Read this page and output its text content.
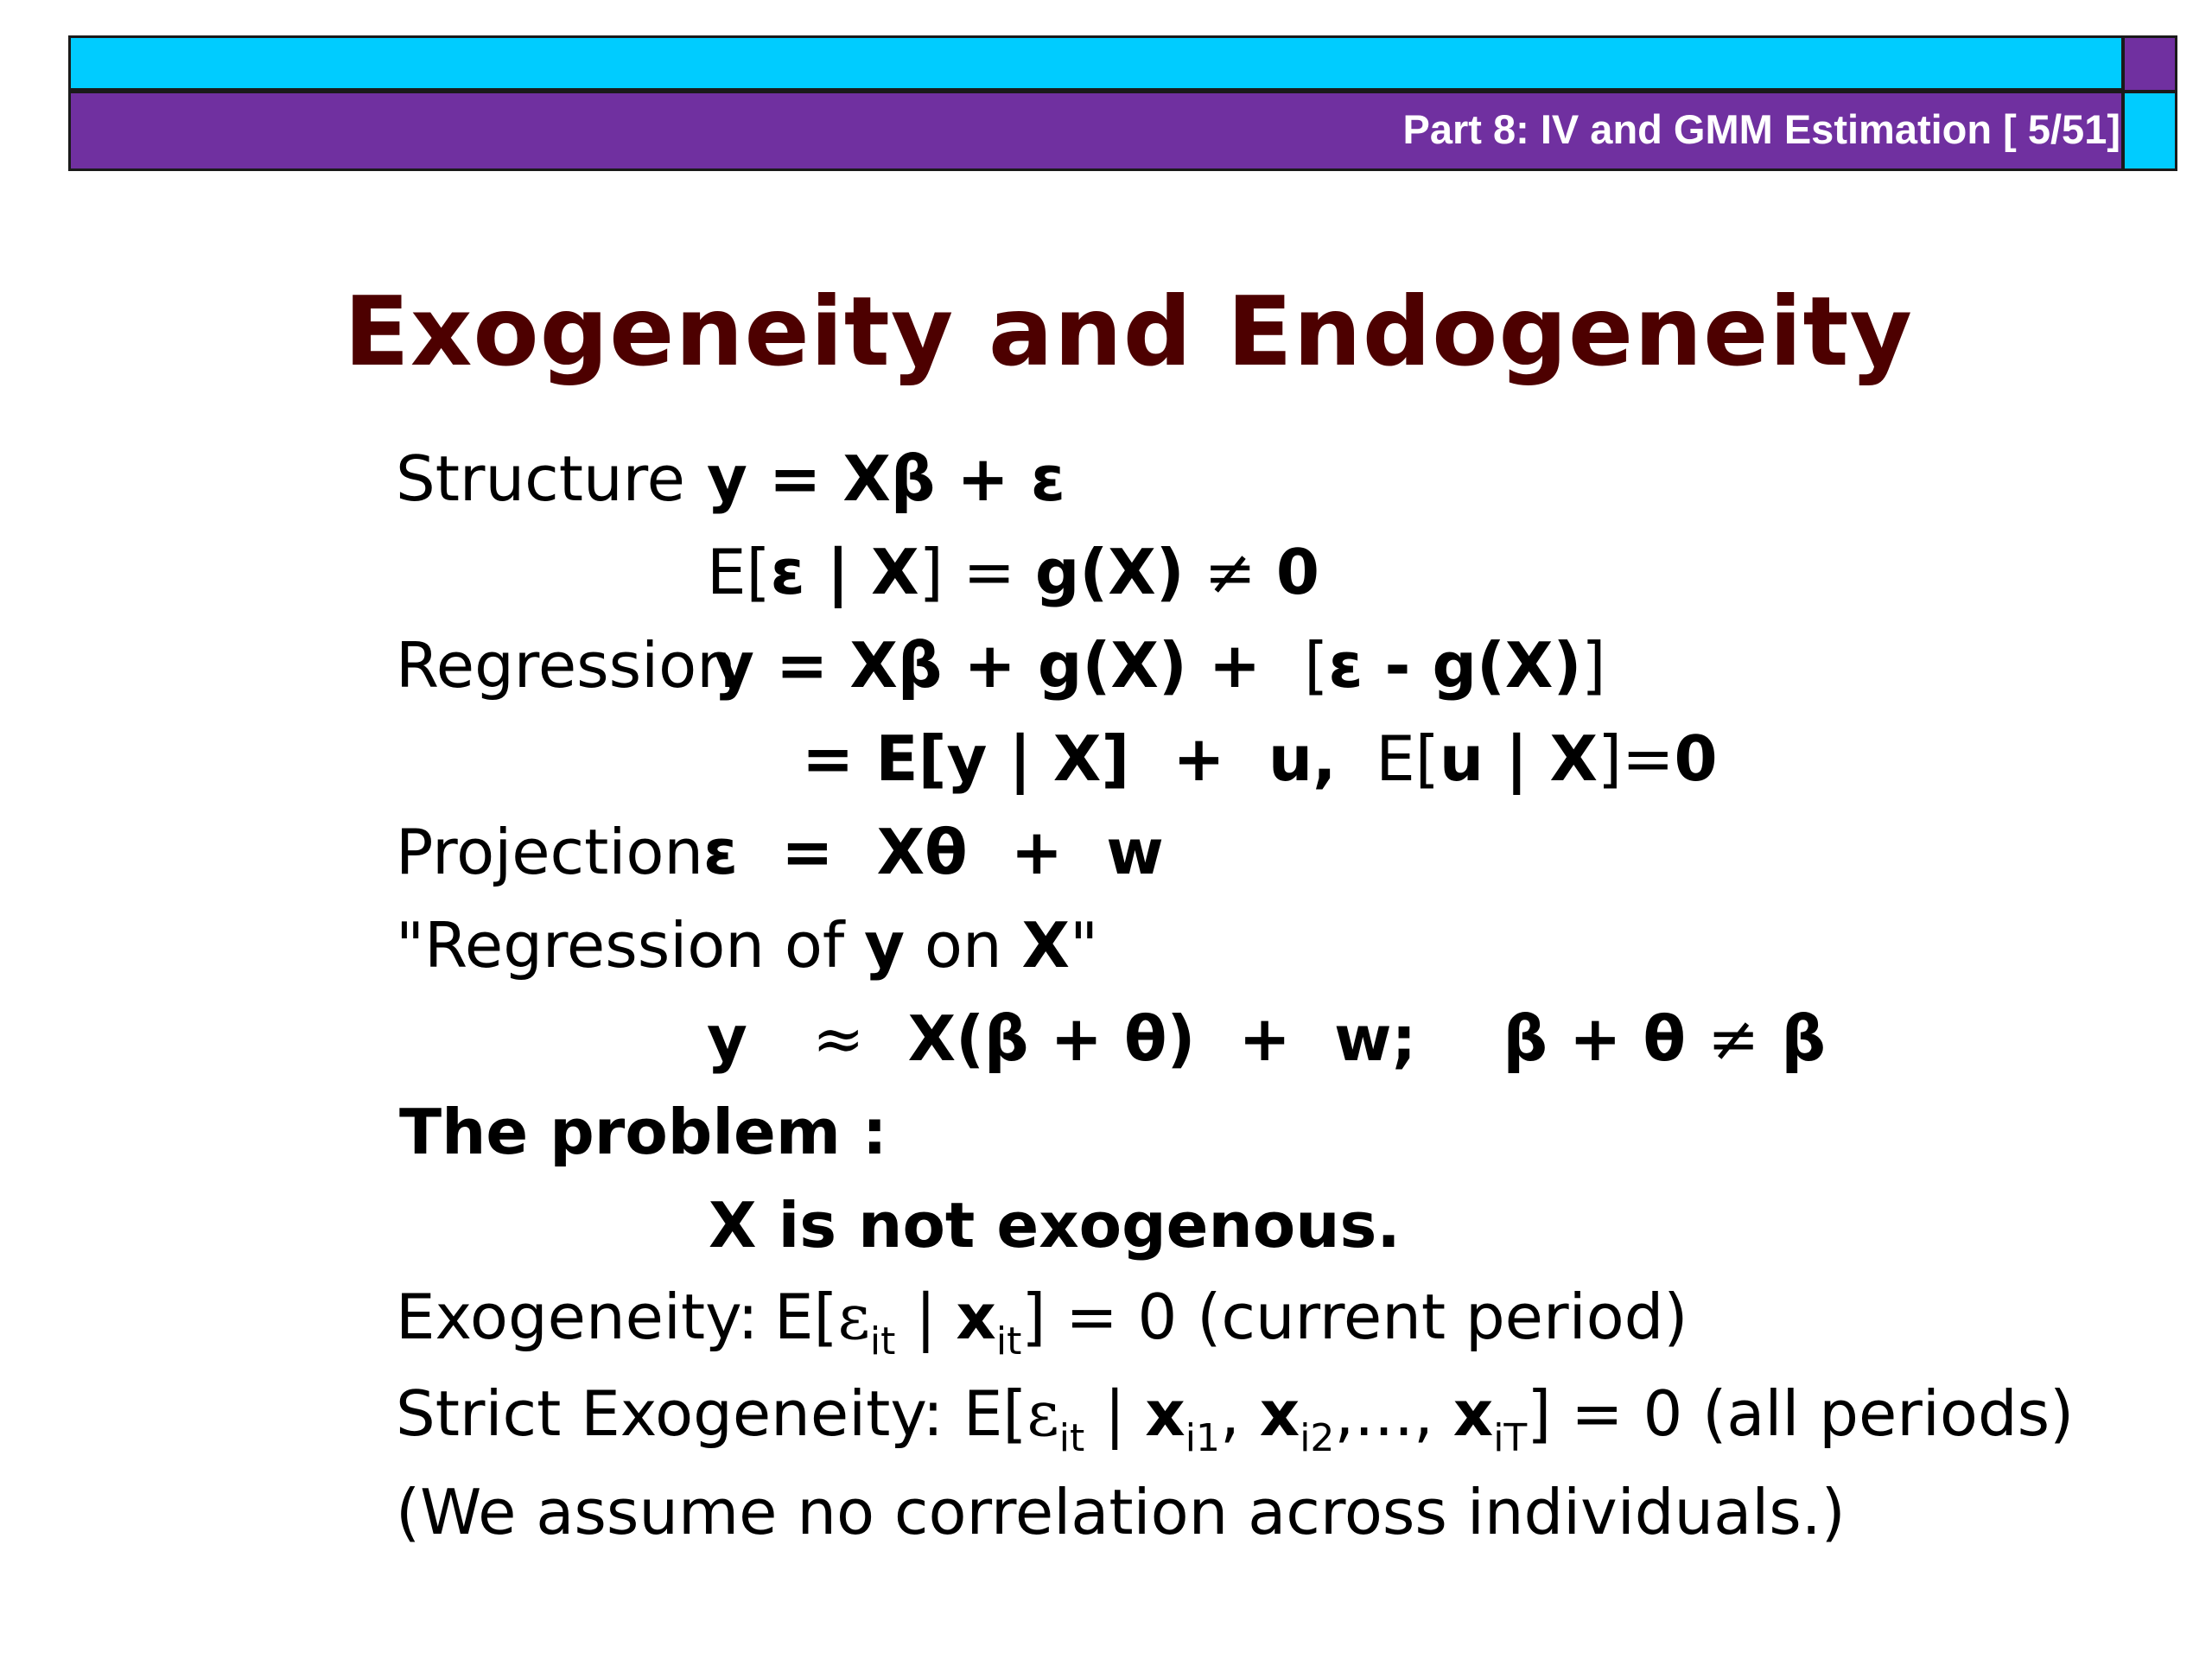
Part 8: IV and GMM Estimation [ 5/51]
Exogeneity and Endogeneity
Structure y = Xβ + ε
E[ε | X] = g(X) ≠ 0
Regression
y = Xβ + g(X) +  [ε - g(X)]
= E[y | X]  +  u,  E[u | X]=0
Projection ε  =  Xθ  +  w
"Regression of y on X"
y   ≈  X(β + θ)  +  w;    β + θ ≠ β
The problem :
X is not exogenous.
Exogeneity: $E[\varepsilon_{it}$ | $x_{it}] = 0$ (current period)
Strict Exogeneity: $E[\varepsilon_{it}$ | $x_{i1}$, $x_{i2}$,..., $x_{iT}] = 0$ (all periods)
(We assume no correlation across individuals.)
